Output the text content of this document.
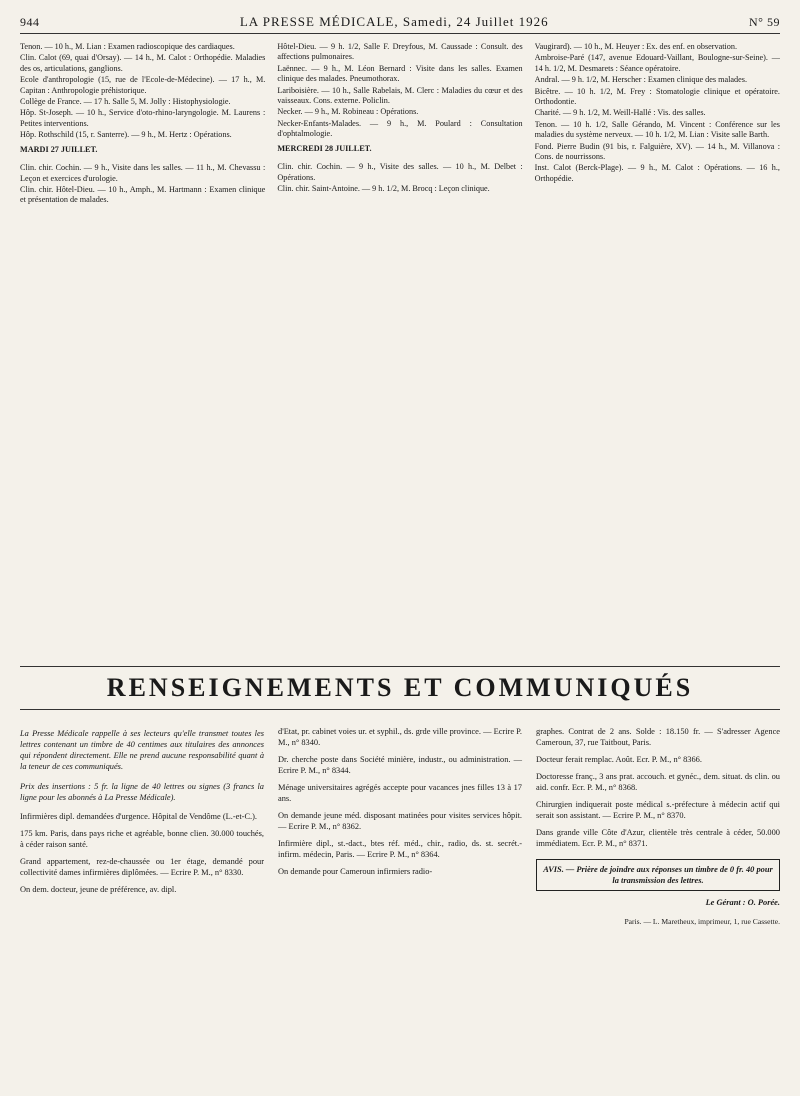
944	LA PRESSE MÉDICALE, Samedi, 24 Juillet 1926	N° 59

Tenon. — 10 h., M. Lian : Examen radioscopique des cardiaques.

Clin. Calot (69, quai d'Orsay). — 14 h., M. Calot : Orthopédie. Maladies des os, articulations, ganglions.

Ecole d'anthropologie (15, rue de l'Ecole-de-Médecine). — 17 h., M. Capitan : Anthropologie préhistorique.

Collège de France. — 17 h. Salle 5, M. Jolly : Histophysiologie.

Hôp. St-Joseph. — 10 h., Service d'oto-rhino-laryngologie. M. Laurens : Petites interventions.

Hôp. Rothschild (15, r. Santerre). — 9 h., M. Hertz : Opérations.

MARDI 27 JUILLET.

Clin. chir. Cochin. — 9 h., Visite dans les salles. — 11 h., M. Chevassu : Leçon et exercices d'urologie.

Clin. chir. Hôtel-Dieu. — 10 h., Amph., M. Hartmann : Examen clinique et présentation de malades.

Hôtel-Dieu. — 9 h. 1/2, Salle F. Dreyfous, M. Caussade : Consult. des affections pulmonaires.

Laënnec. — 9 h., M. Léon Bernard : Visite dans les salles. Examen clinique des malades. Pneumothorax.

Lariboisière. — 10 h., Salle Rabelais, M. Clerc : Maladies du cœur et des vaisseaux. Cons. externe. Policlin.

Necker. — 9 h., M. Robineau : Opérations.

Necker-Enfants-Malades. — 9 h., M. Poulard : Consultation d'ophtalmologie.

MERCREDI 28 JUILLET.

Clin. chir. Cochin. — 9 h., Visite des salles. — 10 h., M. Delbet : Opérations.

Clin. chir. Saint-Antoine. — 9 h. 1/2, M. Brocq : Leçon clinique.

Vaugirard). — 10 h., M. Heuyer : Ex. des enf. en observation.

Ambroise-Paré (147, avenue Edouard-Vaillant, Boulogne-sur-Seine). — 14 h. 1/2, M. Desmarets : Séance opératoire.

Andral. — 9 h. 1/2, M. Herscher : Examen clinique des malades.

Bicêtre. — 10 h. 1/2, M. Frey : Stomatologie clinique et opératoire. Orthodontie.

Charité. — 9 h. 1/2, M. Weill-Hallé : Vis. des salles.

Tenon. — 10 h. 1/2, Salle Gérando, M. Vincent : Conférence sur les maladies du système nerveux. — 10 h. 1/2, M. Lian : Visite salle Barth.

Fond. Pierre Budin (91 bis, r. Falguière, XV). — 14 h., M. Villanova : Cons. de nourrissons.

Inst. Calot (Berck-Plage). — 9 h., M. Calot : Opérations. — 16 h., Orthopédie.

RENSEIGNEMENTS ET COMMUNIQUÉS

La Presse Médicale rappelle à ses lecteurs qu'elle transmet toutes les lettres contenant un timbre de 40 centimes aux titulaires des annonces qui répondent directement. Elle ne prend aucune responsabilité quant à la teneur de ces communiqués.

Prix des insertions : 5 fr. la ligne de 40 lettres ou signes (3 francs la ligne pour les abonnés à La Presse Médicale).

Infirmières dipl. demandées d'urgence. Hôpital de Vendôme (L.-et-C.).

175 km. Paris, dans pays riche et agréable, bonne clien. 30.000 touchés, à céder raison santé.

Grand appartement, rez-de-chaussée ou 1er étage, demandé pour collectivité dames infirmières diplômées. — Ecrire P. M., n° 8330.

On dem. docteur, jeune de préférence, av. dipl.

d'Etat, pr. cabinet voies ur. et syphil., ds. grde ville province. — Ecrire P. M., n° 8340.

Dr. cherche poste dans Société minière, industr., ou administration. — Ecrire P. M., n° 8344.

Ménage universitaires agrégés accepte pour vacances jnes filles 13 à 17 ans.

On demande jeune méd. disposant matinées pour visites services hôpit. — Ecrire P. M., n° 8362.

Infirmière dipl., st.-dact., btes réf. méd., chir., radio, ds. st. secrét.-infirm. médecin, Paris. — Ecrire P. M., n° 8364.

On demande pour Cameroun infirmiers radio-

graphes. Contrat de 2 ans. Solde : 18.150 fr. — S'adresser Agence Cameroun, 37, rue Taitbout, Paris.

Docteur ferait remplac. Août. Ecr. P. M., n° 8366.

Doctoresse franç., 3 ans prat. accouch. et gynéc., dem. situat. ds clin. ou aid. confr. Ecr. P. M., n° 8368.

Chirurgien indiquerait poste médical s.-préfecture à médecin actif qui serait son assistant. — Ecrire P. M., n° 8370.

Dans grande ville Côte d'Azur, clientèle très centrale à céder, 50.000 immédiatem. Ecr. P. M., n° 8371.

AVIS. — Prière de joindre aux réponses un timbre de 0 fr. 40 pour la transmission des lettres.
Le Gérant : O. Porée.
Paris. — L. Maretheux, imprimeur, 1, rue Cassette.
